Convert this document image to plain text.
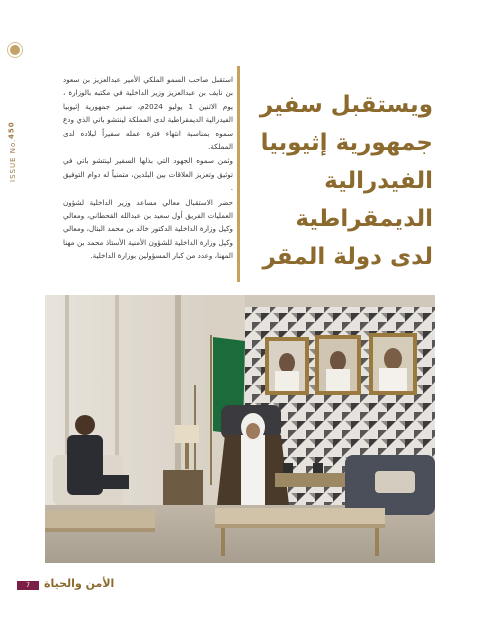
ISSUE No.
450

استقبل صاحب السمو الملكي الأمير عبدالعزيز بن سعود بن نايف بن عبدالعزيز وزير الداخلية في مكتبه بالوزارة ، يوم الاثنين 1 يوليو 2024م، سفير جمهورية إثيوبيا الفيدرالية الديمقراطية لدى المملكة لينتشو باتي الذي ودع سموه بمناسبة انتهاء فترة عمله سفيراً لبلاده لدى المملكة.

وثمن سموه الجهود التي بذلها السفير لينتشو باتي في توثيق وتعزيز العلاقات بين البلدين، متمنياً له دوام التوفيق .

حضر الاستقبال معالي مساعد وزير الداخلية لشؤون العمليات الفريق أول سعيد بن عبدالله القحطاني، ومعالي وكيل وزارة الداخلية الدكتور خالد بن محمد البتال، ومعالي وكيل وزارة الداخلية للشؤون الأمنية الأستاذ محمد بن مهنا المهنا، وعدد من كبار المسؤولين بوزارة الداخلية.

ويستقبل سفير جمهورية إثيوبيا الفيدرالية الديمقراطية لدى دولة المقر
7	الأمن والحياة
